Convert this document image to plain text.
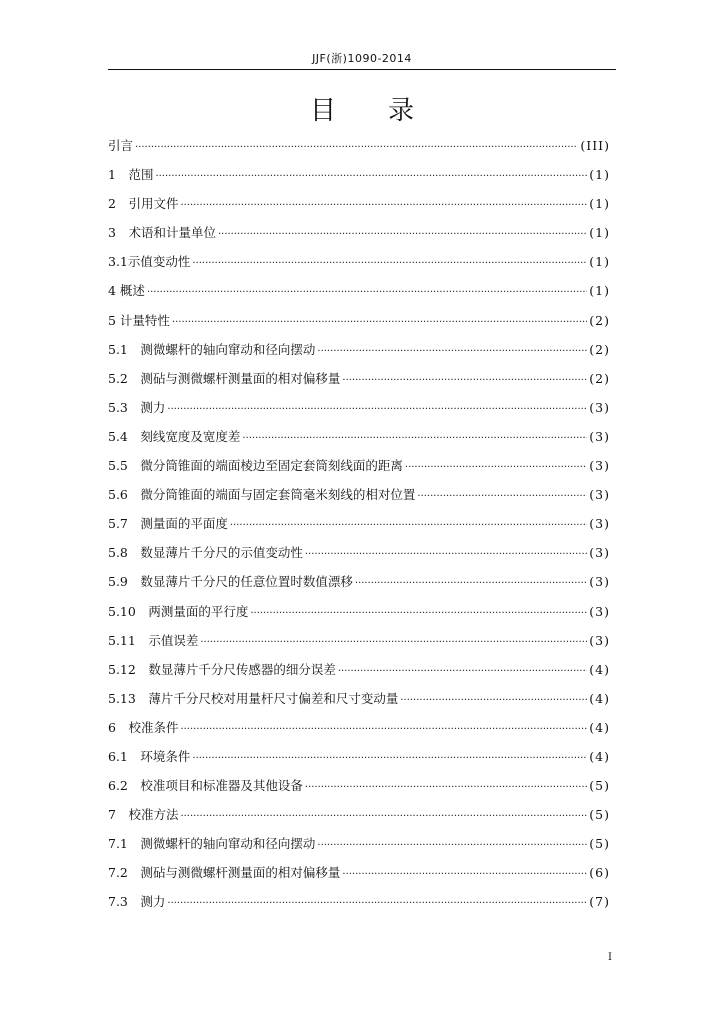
JJF(浙)1090-2014
目录
引言 ·····	(III)
1　范围 ·····	(1)
2　引用文件 ·····	(1)
3　术语和计量单位 ·····	(1)
3.1示值变动性 ·····	(1)
4 概述 ·····	(1)
5 计量特性 ·····	(2)
5.1　测微螺杆的轴向窜动和径向摆动 ·····	(2)
5.2　测砧与测微螺杆测量面的相对偏移量 ·····	(2)
5.3　测力 ·····	(3)
5.4　刻线宽度及宽度差 ·····	(3)
5.5　微分筒锥面的端面棱边至固定套筒刻线面的距离 ·····	(3)
5.6　微分筒锥面的端面与固定套筒毫米刻线的相对位置 ·····	(3)
5.7　测量面的平面度 ·····	(3)
5.8　数显薄片千分尺的示值变动性 ·····	(3)
5.9　数显薄片千分尺的任意位置时数值漂移 ·····	(3)
5.10　两测量面的平行度 ·····	(3)
5.11　示值误差 ·····	(3)
5.12　数显薄片千分尺传感器的细分误差 ·····	(4)
5.13　薄片千分尺校对用量杆尺寸偏差和尺寸变动量 ·····	(4)
6　校准条件 ·····	(4)
6.1　环境条件 ·····	(4)
6.2　校准项目和标准器及其他设备 ·····	(5)
7　校准方法 ·····	(5)
7.1　测微螺杆的轴向窜动和径向摆动 ·····	(5)
7.2　测砧与测微螺杆测量面的相对偏移量 ·····	(6)
7.3　测力 ·····	(7)
I
